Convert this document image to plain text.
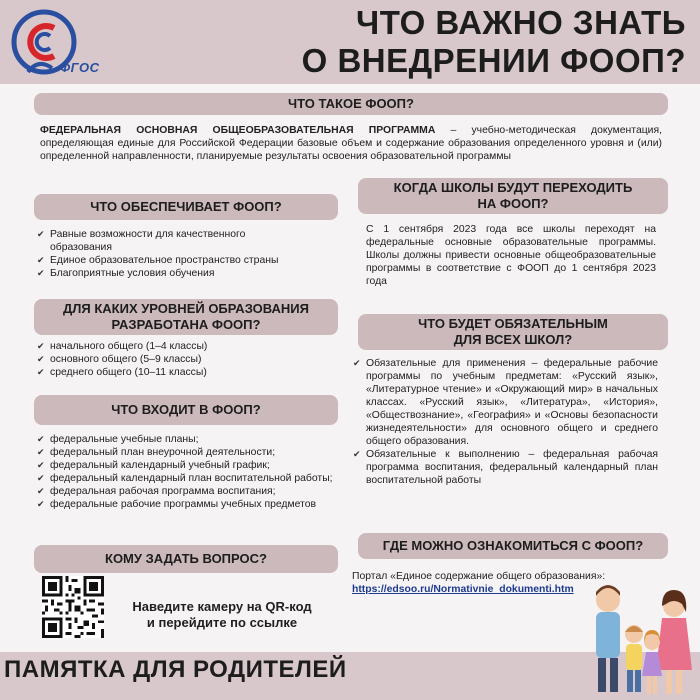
ФГОС
ЧТО ВАЖНО ЗНАТЬ
О ВНЕДРЕНИИ ФООП?
ЧТО ТАКОЕ ФООП?
ФЕДЕРАЛЬНАЯ ОСНОВНАЯ ОБЩЕОБРАЗОВАТЕЛЬНАЯ ПРОГРАММА – учебно-методическая документация, определяющая единые для Российской Федерации базовые объем и содержание образования определенного уровня и (или) определенной направленности, планируемые результаты освоения образовательной программы
ЧТО ОБЕСПЕЧИВАЕТ ФООП?
✔ Равные возможности для качественного образования
✔ Единое образовательное пространство страны
✔ Благоприятные условия обучения
ДЛЯ КАКИХ УРОВНЕЙ ОБРАЗОВАНИЯ
РАЗРАБОТАНА ФООП?
✔ начального общего (1–4 классы)
✔ основного общего (5–9 классы)
✔ среднего общего (10–11 классы)
ЧТО ВХОДИТ В ФООП?
✔ федеральные учебные планы;
✔ федеральный план внеурочной деятельности;
✔ федеральный календарный учебный график;
✔ федеральный календарный план воспитательной работы;
✔ федеральная рабочая программа воспитания;
✔ федеральные рабочие программы учебных предметов
КОМУ ЗАДАТЬ ВОПРОС?
Наведите камеру на QR-код
и перейдите по ссылке
КОГДА ШКОЛЫ БУДУТ ПЕРЕХОДИТЬ
НА ФООП?
С 1 сентября 2023 года все школы переходят на федеральные основные образовательные программы. Школы должны привести основные общеобразовательные программы в соответствие с ФООП до 1 сентября 2023 года
ЧТО БУДЕТ ОБЯЗАТЕЛЬНЫМ
ДЛЯ ВСЕХ ШКОЛ?
✔ Обязательные для применения – федеральные рабочие программы по учебным предметам: «Русский язык», «Литературное чтение» и «Окружающий мир» в начальных классах. «Русский язык», «Литература», «История», «Обществознание», «География» и «Основы безопасности жизнедеятельности» для основного общего и среднего общего образования.
✔ Обязательные к выполнению – федеральная рабочая программа воспитания, федеральный календарный план воспитательной работы
ГДЕ МОЖНО ОЗНАКОМИТЬСЯ С ФООП?
Портал «Единое содержание общего образования»:
https://edsoo.ru/Normativnie_dokumenti.htm
ПАМЯТКА ДЛЯ РОДИТЕЛЕЙ
